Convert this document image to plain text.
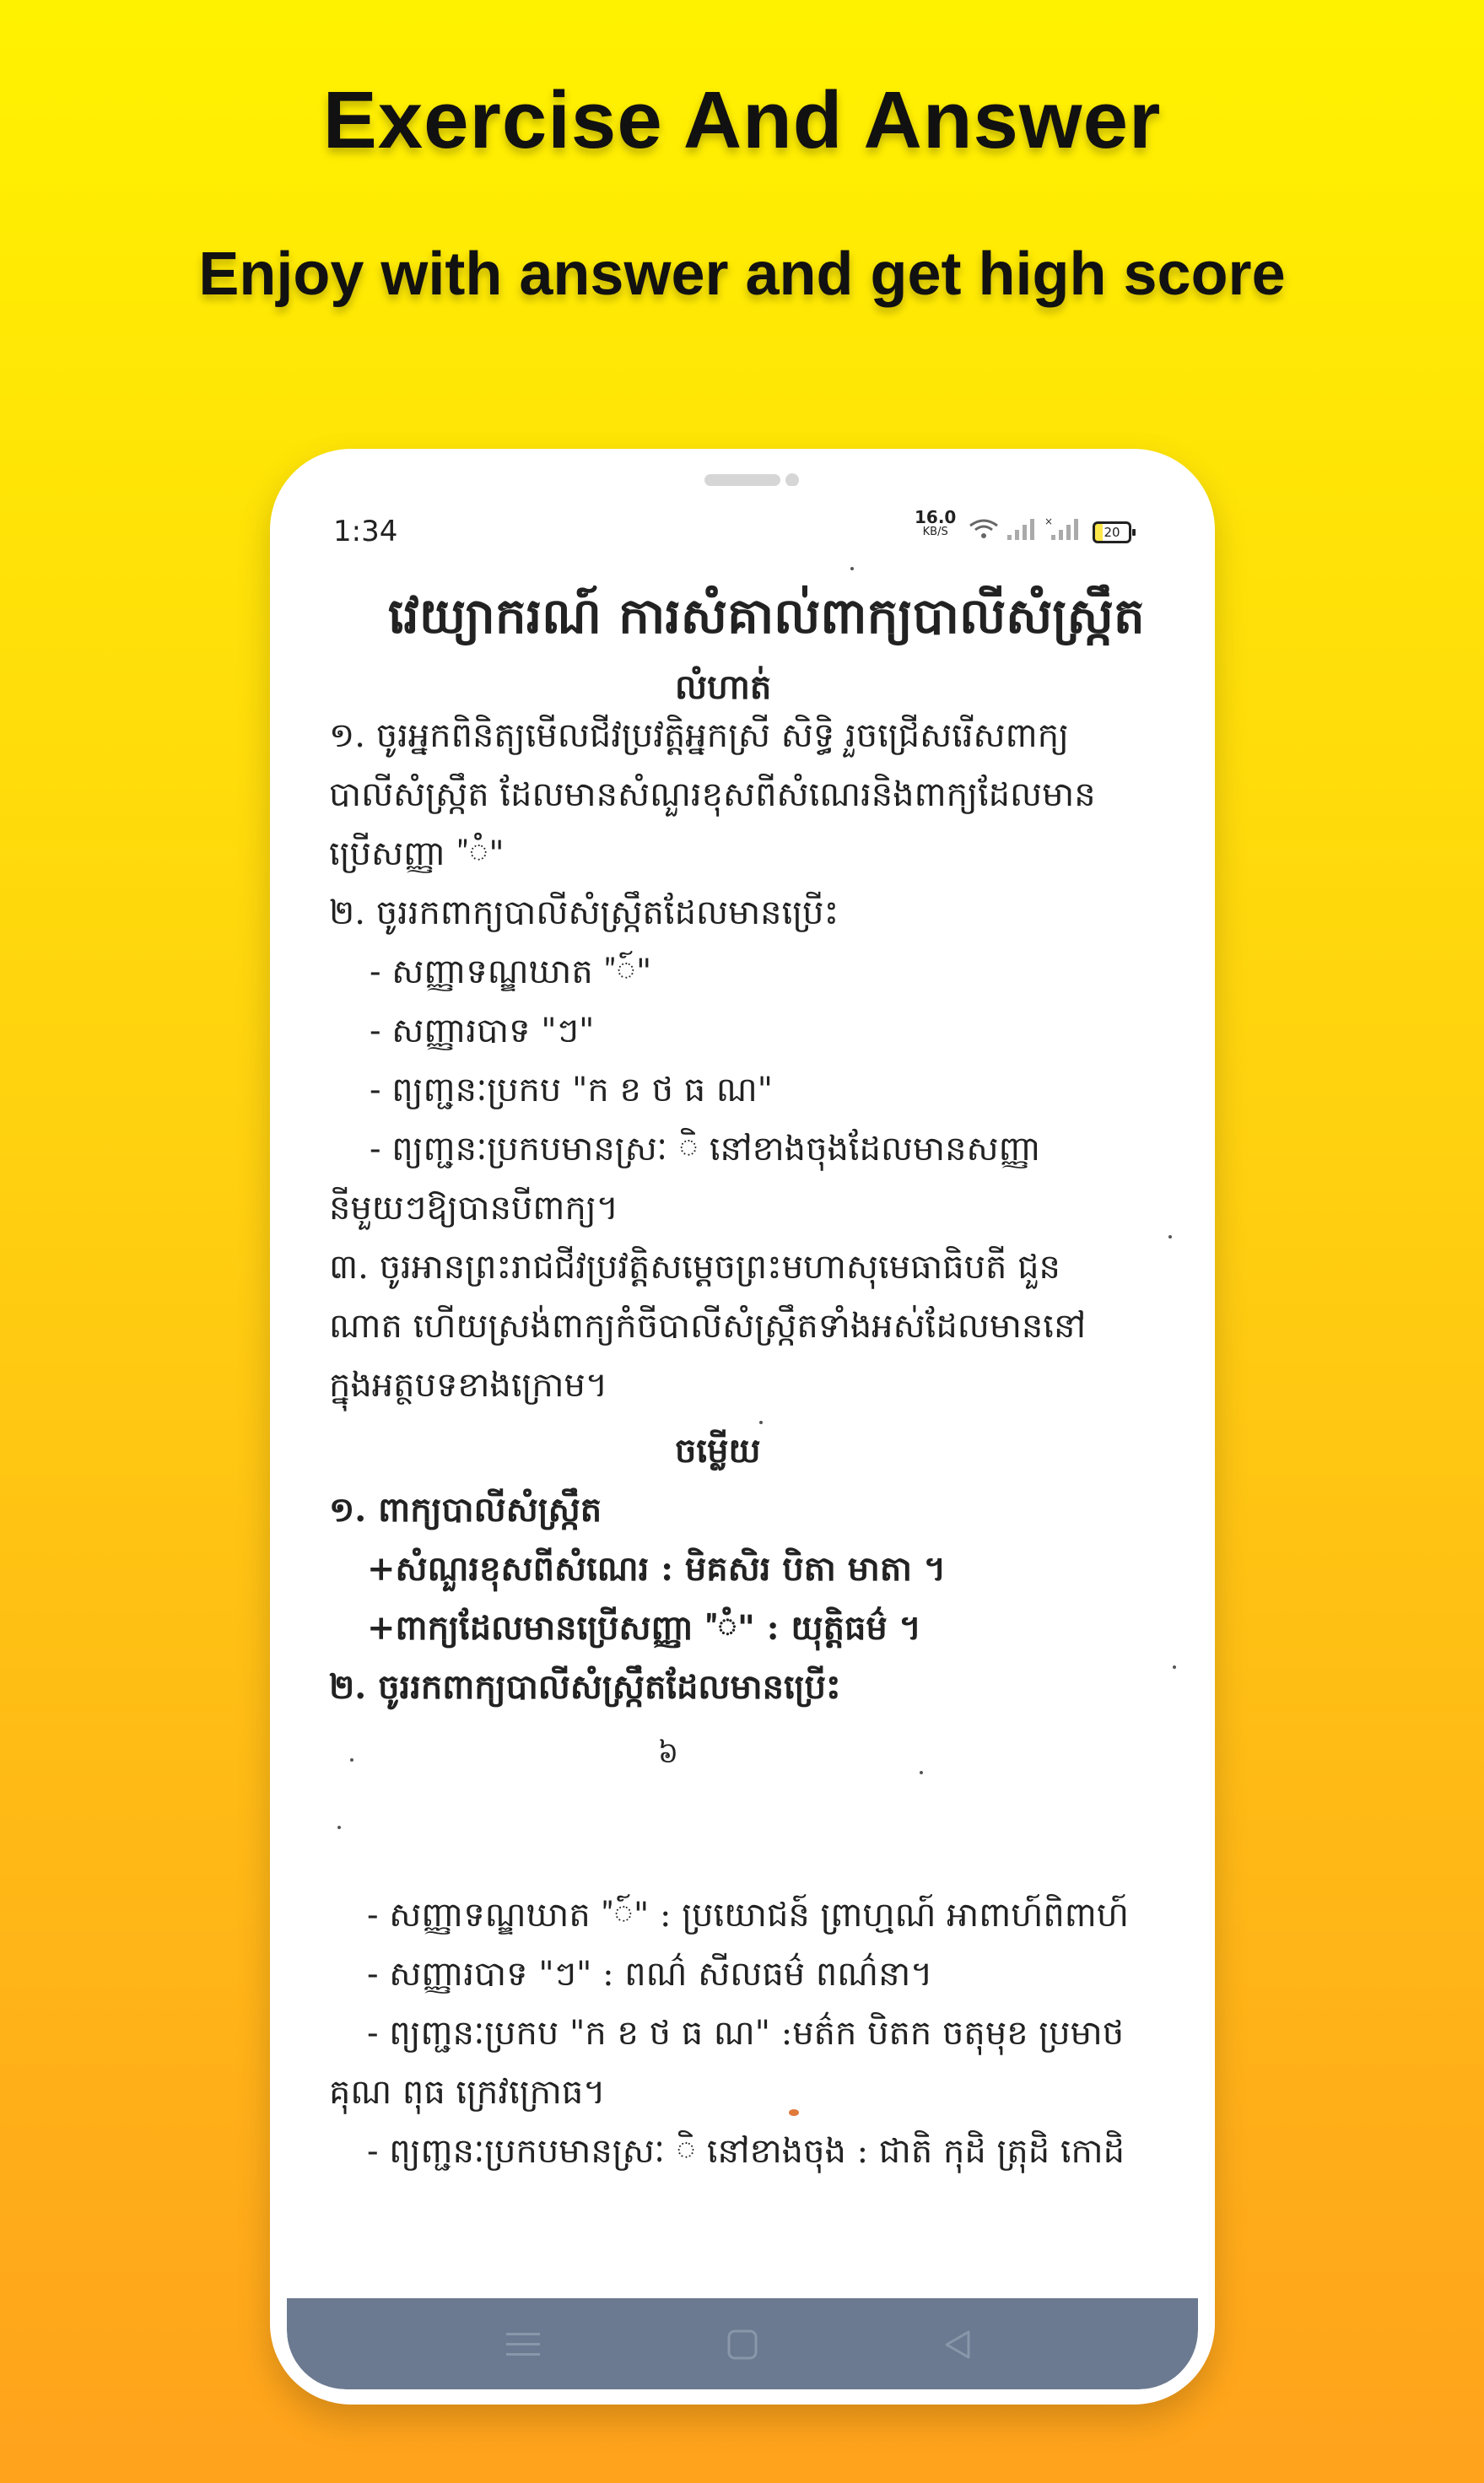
Exercise And Answer
Enjoy with answer and get high score
1:34	16.0
KB/S
×
20
វេយ្យាករណ៍ ការសំគាល់ពាក្យបាលីសំស្ក្រឹត
លំហាត់
១. ចូរអ្នកពិនិត្យមើលជីវប្រវត្តិអ្នកស្រី សិទ្ធិ រួចជ្រើសរើសពាក្យ
បាលីសំស្ក្រឹត ដែលមានសំណួរខុសពីសំណេរនិងពាក្យដែលមាន
ប្រើសញ្ញា "ំ"
២. ចូររកពាក្យបាលីសំស្ក្រឹតដែលមានប្រើះ
- សញ្ញាទណ្ឌឃាត "៍"
- សញ្ញារបាទ "ៗ"
- ព្យញ្ជនៈប្រកប "ក ខ ថ ធ ណ"
- ព្យញ្ជនៈប្រកបមានស្រៈ ិ នៅខាងចុងដែលមានសញ្ញា
នីមួយៗឱ្យបានបីពាក្យ។
៣. ចូរអានព្រះរាជជីវប្រវត្តិសម្ដេចព្រះមហាសុមេធាធិបតី ជួន
ណាត ហើយស្រង់ពាក្យកំចីបាលីសំស្ក្រឹតទាំងអស់ដែលមាននៅ
ក្នុងអត្ថបទខាងក្រោម។
ចម្លើយ
១. ពាក្យបាលីសំស្ក្រឹត
+សំណួរខុសពីសំណេរ : មិគសិរ បិតា មាតា ។
+ពាក្យដែលមានប្រើសញ្ញា "ំ" : យុត្តិធម៌ ។
២. ចូររកពាក្យបាលីសំស្ក្រឹតដែលមានប្រើះ
៦
- សញ្ញាទណ្ឌឃាត "៍" : ប្រយោជន៍ ព្រាហ្មណ៍ អាពាហ៍ពិពាហ៍
- សញ្ញារបាទ "ៗ" : ពណ៌ សីលធម៌ ពណ៌នា។
- ព្យញ្ជនៈប្រកប "ក ខ ថ ធ ណ" :មត៌ក បិតក ចតុមុខ ប្រមាថ
គុណ ពុធ ក្រេវក្រោធ។
- ព្យញ្ជនៈប្រកបមានស្រៈ ិ នៅខាងចុង : ជាតិ កុដិ ត្រុដិ កោដិ
